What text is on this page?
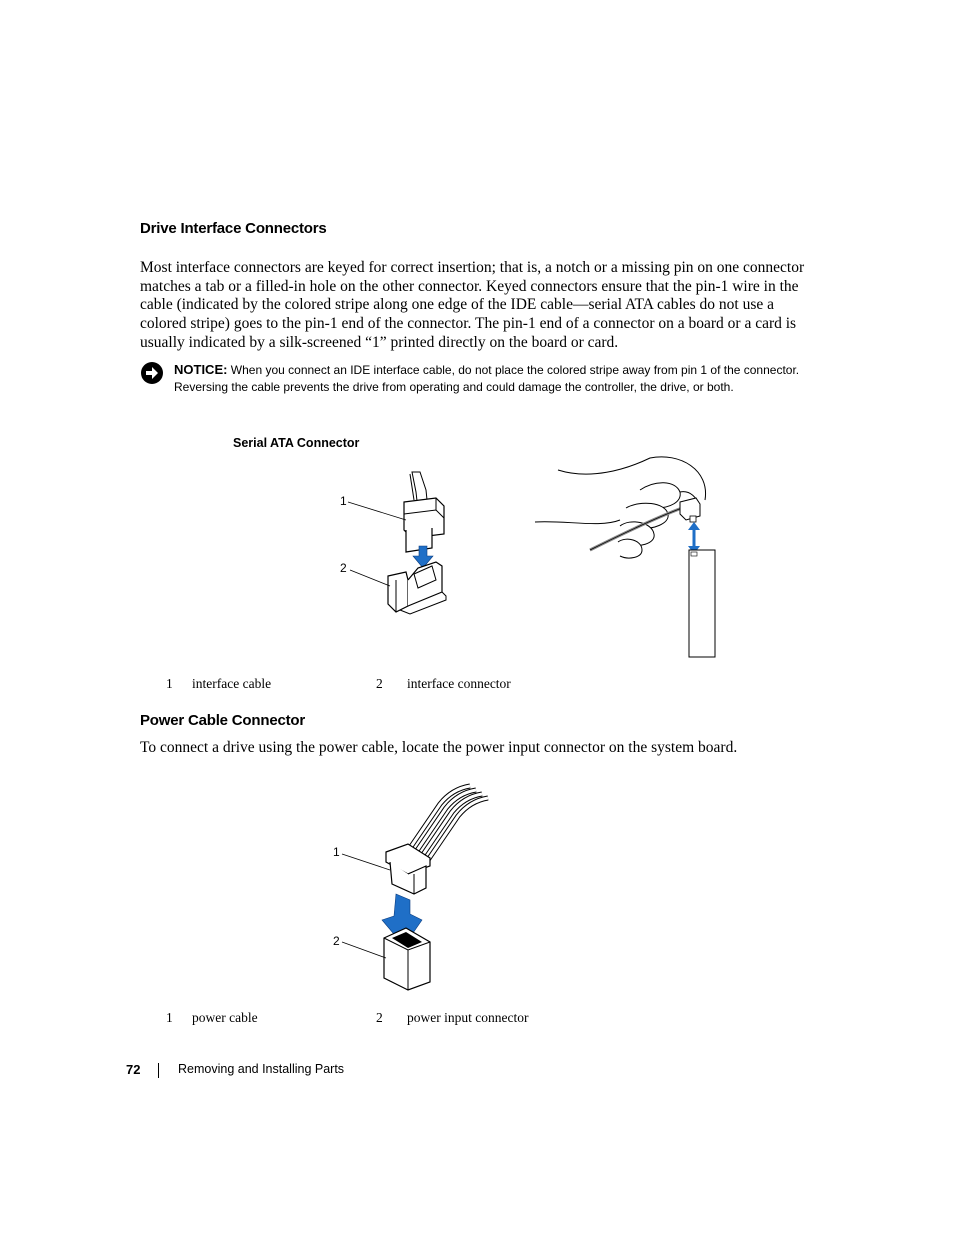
Drive Interface Connectors

Most interface connectors are keyed for correct insertion; that is, a notch or a missing pin on one connector matches a tab or a filled-in hole on the other connector. Keyed connectors ensure that the pin-1 wire in the cable (indicated by the colored stripe along one edge of the IDE cable—serial ATA cables do not use a colored stripe) goes to the pin-1 end of the connector. The pin-1 end of a connector on a board or a card is usually indicated by a silk-screened “1” printed directly on the board or card.

NOTICE: When you connect an IDE interface cable, do not place the colored stripe away from pin 1 of the connector. Reversing the cable prevents the drive from operating and could damage the controller, the drive, or both.

Serial ATA Connector
1
2
1 interface cable	2 interface connector
Power Cable Connector

To connect a drive using the power cable, locate the power input connector on the system board.

1
2
1 power cable	2 power input connector
72	Removing and Installing Parts
